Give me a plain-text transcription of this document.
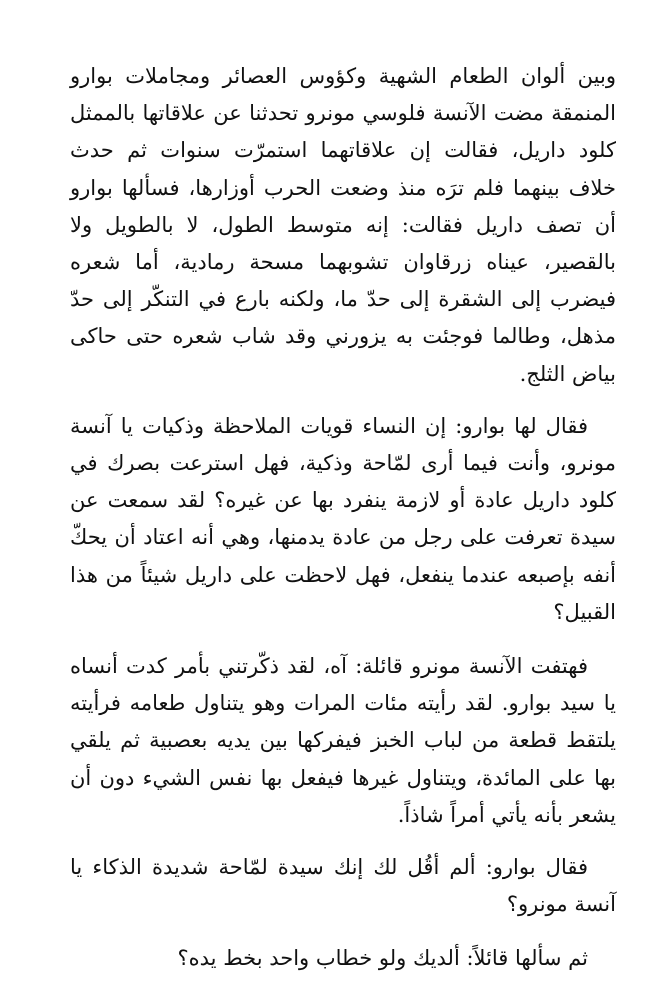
وبين ألوان الطعام الشهية وكؤوس العصائر ومجاملات بوارو المنمقة مضت الآنسة فلوسي مونرو تحدثنا عن علاقاتها بالممثل كلود داريل، فقالت إن علاقاتهما استمرّت سنوات ثم حدث خلاف بينهما فلم ترَه منذ وضعت الحرب أوزارها، فسألها بوارو أن تصف داريل فقالت: إنه متوسط الطول، لا بالطويل ولا بالقصير، عيناه زرقاوان تشوبهما مسحة رمادية، أما شعره فيضرب إلى الشقرة إلى حدّ ما، ولكنه بارع في التنكّر إلى حدّ مذهل، وطالما فوجئت به يزورني وقد شاب شعره حتى حاكى بياض الثلج.

فقال لها بوارو: إن النساء قويات الملاحظة وذكيات يا آنسة مونرو، وأنت فيما أرى لمّاحة وذكية، فهل استرعت بصرك في كلود داريل عادة أو لازمة ينفرد بها عن غيره؟ لقد سمعت عن سيدة تعرفت على رجل من عادة يدمنها، وهي أنه اعتاد أن يحكّ أنفه بإصبعه عندما ينفعل، فهل لاحظت على داريل شيئاً من هذا القبيل؟

فهتفت الآنسة مونرو قائلة: آه، لقد ذكّرتني بأمر كدت أنساه يا سيد بوارو. لقد رأيته مئات المرات وهو يتناول طعامه فرأيته يلتقط قطعة من لباب الخبز فيفركها بين يديه بعصبية ثم يلقي بها على المائدة، ويتناول غيرها فيفعل بها نفس الشيء دون أن يشعر بأنه يأتي أمراً شاذاً.

فقال بوارو: ألم أقُل لك إنك سيدة لمّاحة شديدة الذكاء يا آنسة مونرو؟

ثم سألها قائلاً: ألديك ولو خطاب واحد بخط يده؟
